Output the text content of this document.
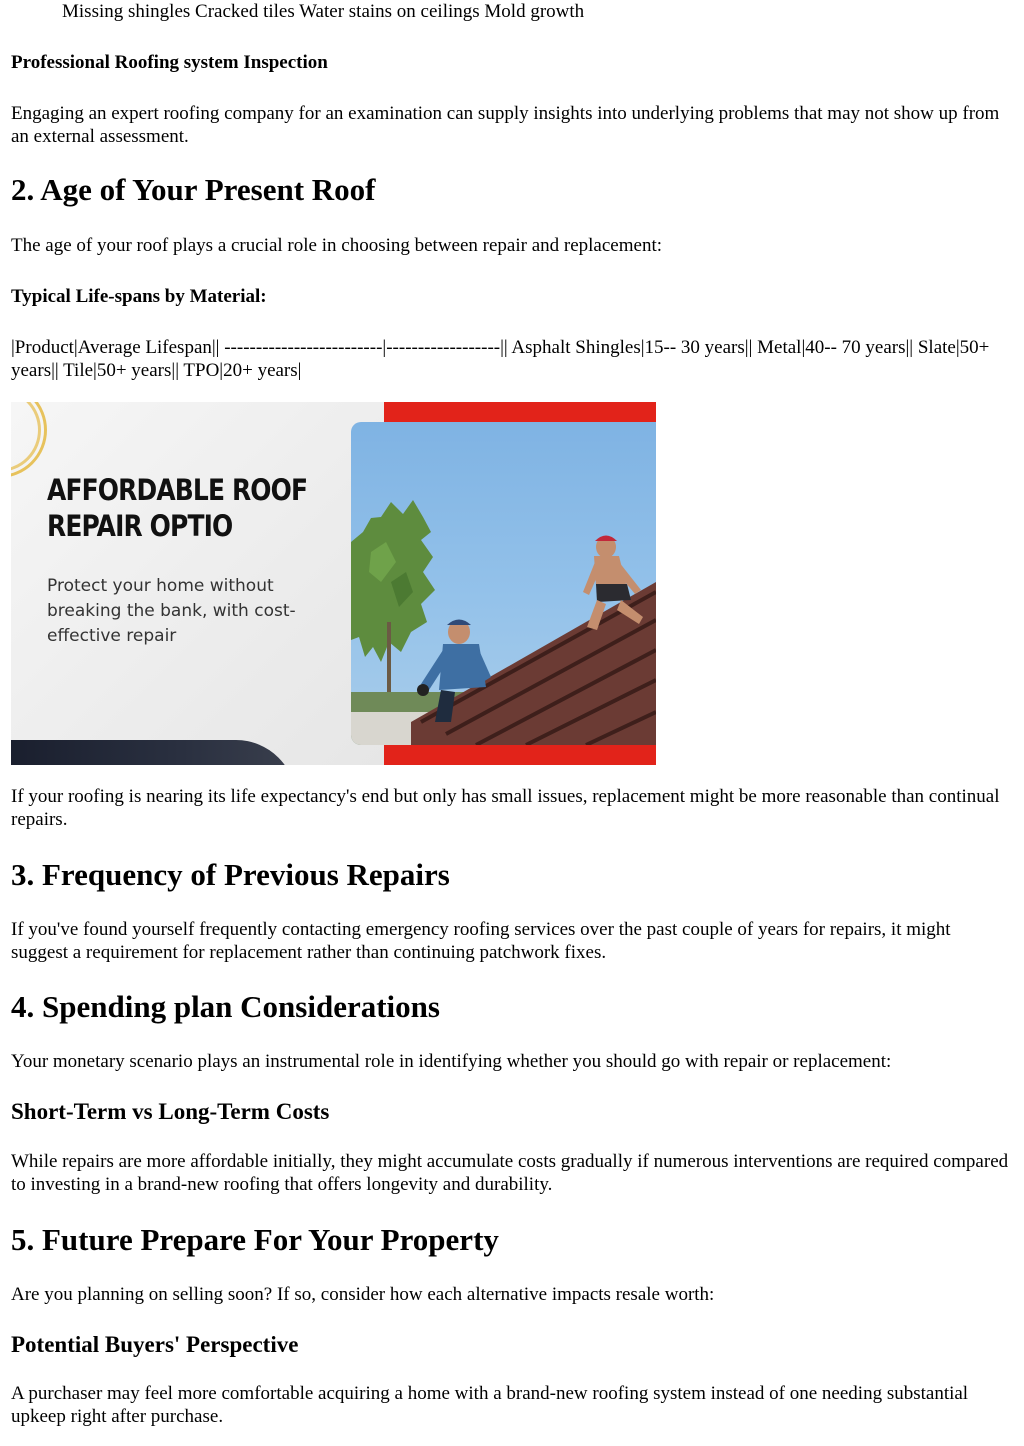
Missing shingles Cracked tiles Water stains on ceilings Mold growth

Professional Roofing system Inspection

Engaging an expert roofing company for an examination can supply insights into underlying problems that may not show up from an external assessment.

2. Age of Your Present Roof

The age of your roof plays a crucial role in choosing between repair and replacement:

Typical Life-spans by Material:

|Product|Average Lifespan|| -------------------------|------------------|| Asphalt Shingles|15-- 30 years|| Metal|40-- 70 years|| Slate|50+ years|| Tile|50+ years|| TPO|20+ years|

AFFORDABLE ROOF REPAIR OPTIO
Protect your home without breaking the bank, with cost-effective repair

If your roofing is nearing its life expectancy's end but only has small issues, replacement might be more reasonable than continual repairs.

3. Frequency of Previous Repairs

If you've found yourself frequently contacting emergency roofing services over the past couple of years for repairs, it might suggest a requirement for replacement rather than continuing patchwork fixes.

4. Spending plan Considerations

Your monetary scenario plays an instrumental role in identifying whether you should go with repair or replacement:

Short-Term vs Long-Term Costs

While repairs are more affordable initially, they might accumulate costs gradually if numerous interventions are required compared to investing in a brand-new roofing that offers longevity and durability.

5. Future Prepare For Your Property

Are you planning on selling soon? If so, consider how each alternative impacts resale worth:

Potential Buyers' Perspective

A purchaser may feel more comfortable acquiring a home with a brand-new roofing system instead of one needing substantial upkeep right after purchase.
